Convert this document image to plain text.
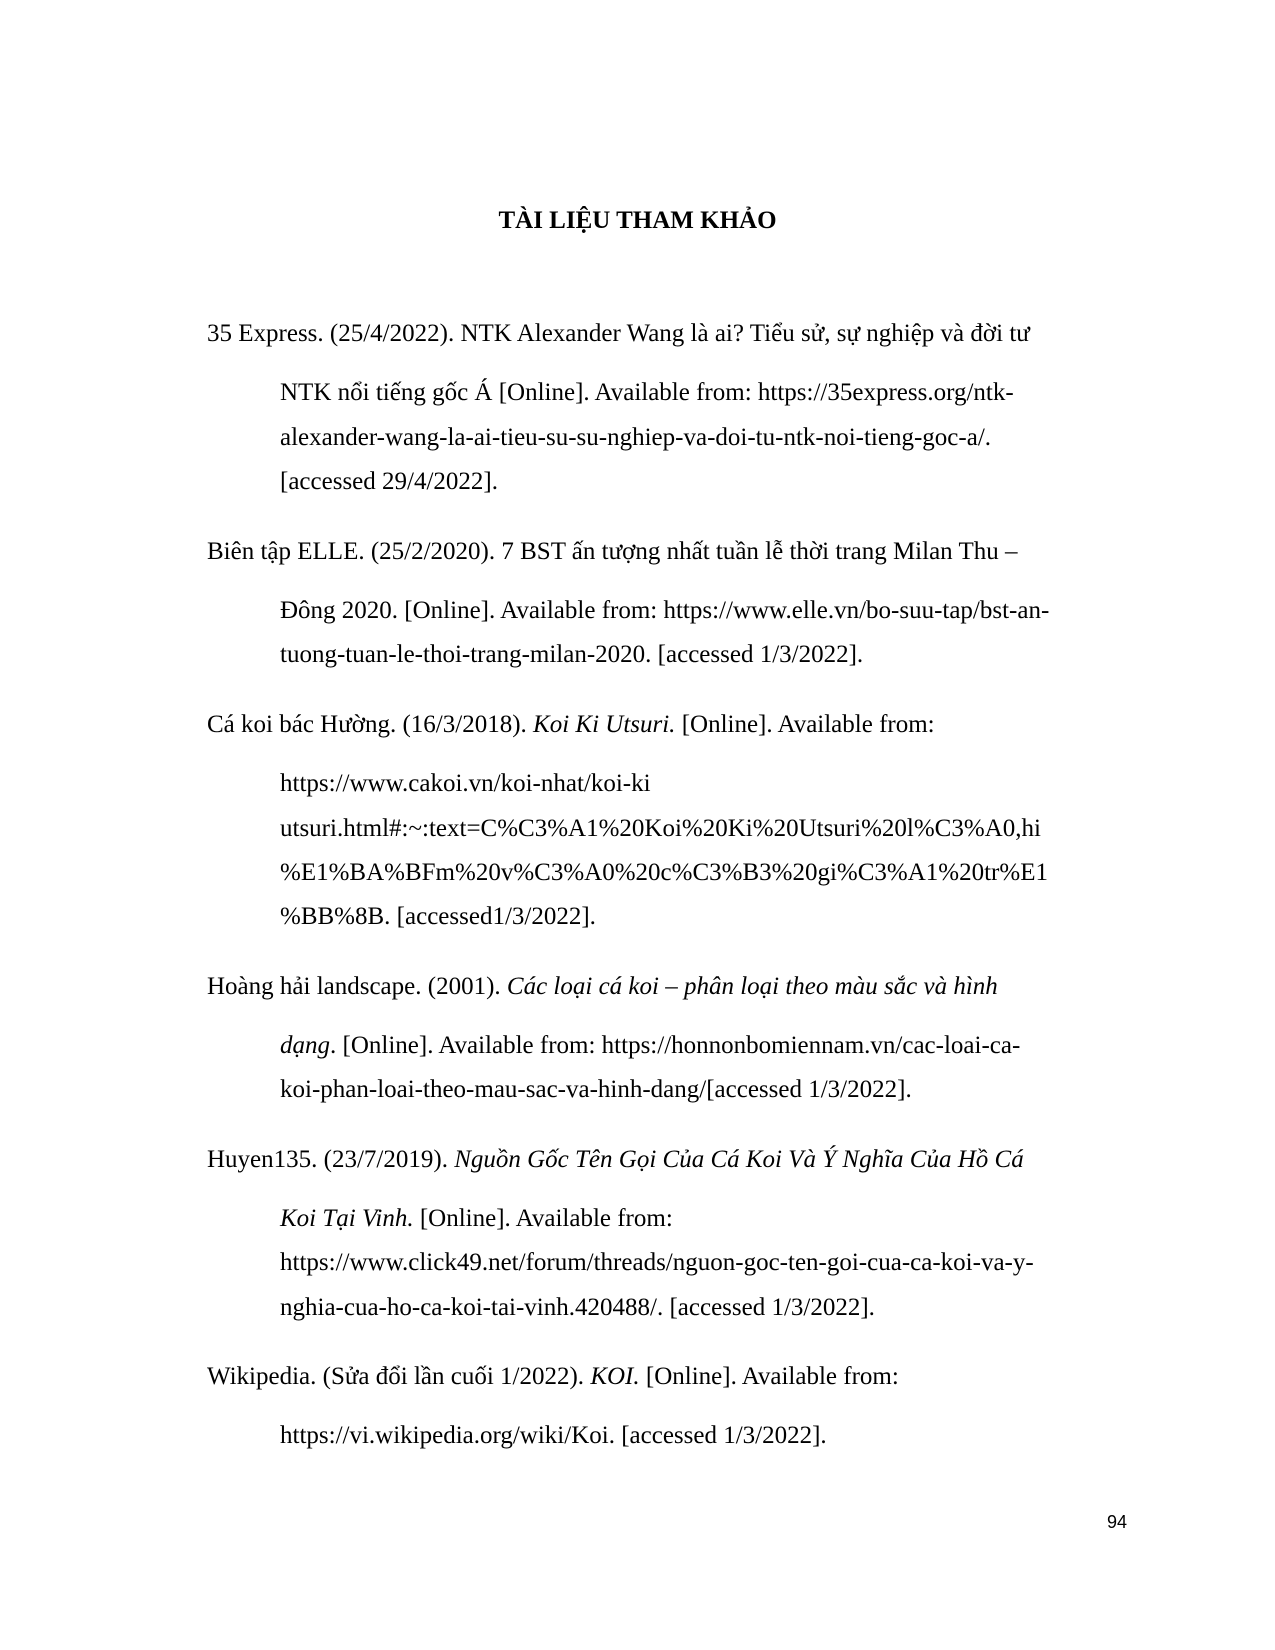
TÀI LIỆU THAM KHẢO
35 Express. (25/4/2022). NTK Alexander Wang là ai? Tiểu sử, sự nghiệp và đời tư
NTK nổi tiếng gốc Á [Online]. Available from: https://35express.org/ntk-
alexander-wang-la-ai-tieu-su-su-nghiep-va-doi-tu-ntk-noi-tieng-goc-a/.
[accessed 29/4/2022].
Biên tập ELLE. (25/2/2020). 7 BST ấn tượng nhất tuần lễ thời trang Milan Thu –
Đông 2020. [Online]. Available from: https://www.elle.vn/bo-suu-tap/bst-an-
tuong-tuan-le-thoi-trang-milan-2020. [accessed 1/3/2022].
Cá koi bác Hường. (16/3/2018). Koi Ki Utsuri. [Online]. Available from:
https://www.cakoi.vn/koi-nhat/koi-ki
utsuri.html#:~:text=C%C3%A1%20Koi%20Ki%20Utsuri%20l%C3%A0,hi
%E1%BA%BFm%20v%C3%A0%20c%C3%B3%20gi%C3%A1%20tr%E1
%BB%8B. [accessed1/3/2022].
Hoàng hải landscape. (2001). Các loại cá koi – phân loại theo màu sắc và hình
dạng. [Online]. Available from: https://honnonbomiennam.vn/cac-loai-ca-
koi-phan-loai-theo-mau-sac-va-hinh-dang/[accessed 1/3/2022].
Huyen135. (23/7/2019). Nguồn Gốc Tên Gọi Của Cá Koi Và Ý Nghĩa Của Hồ Cá
Koi Tại Vinh. [Online]. Available from:
https://www.click49.net/forum/threads/nguon-goc-ten-goi-cua-ca-koi-va-y-
nghia-cua-ho-ca-koi-tai-vinh.420488/. [accessed 1/3/2022].
Wikipedia. (Sửa đổi lần cuối 1/2022). KOI. [Online]. Available from:
https://vi.wikipedia.org/wiki/Koi. [accessed 1/3/2022].
94
